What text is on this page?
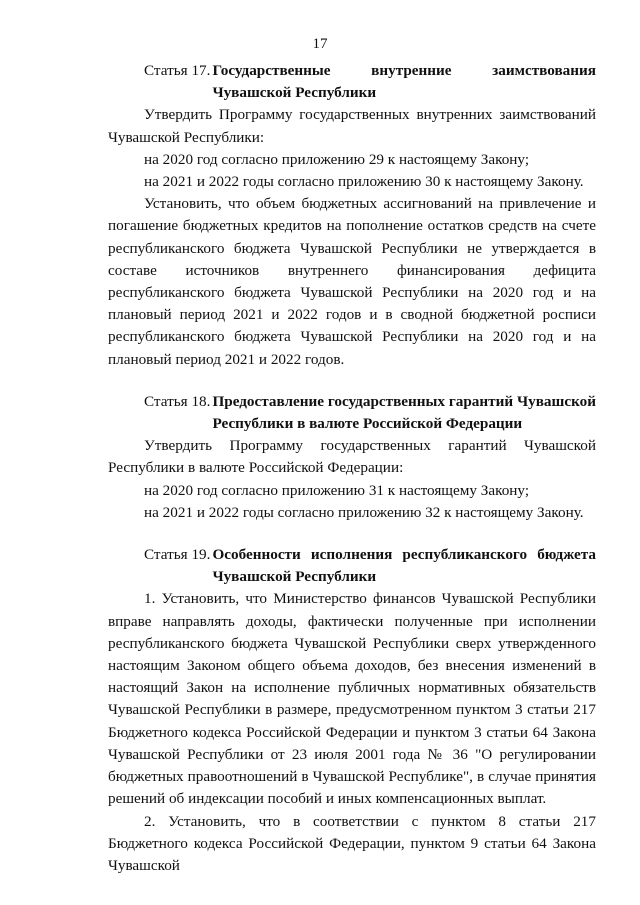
17
Статья 17. Государственные внутренние заимствования Чувашской Республики

Утвердить Программу государственных внутренних заимствований Чувашской Республики:

на 2020 год согласно приложению 29 к настоящему Закону;

на 2021 и 2022 годы согласно приложению 30 к настоящему Закону.

Установить, что объем бюджетных ассигнований на привлечение и погашение бюджетных кредитов на пополнение остатков средств на счете республиканского бюджета Чувашской Республики не утверждается в составе источников внутреннего финансирования дефицита республиканского бюджета Чувашской Республики на 2020 год и на плановый период 2021 и 2022 годов и в сводной бюджетной росписи республиканского бюджета Чувашской Республики на 2020 год и на плановый период 2021 и 2022 годов.

Статья 18. Предоставление государственных гарантий Чувашской Республики в валюте Российской Федерации

Утвердить Программу государственных гарантий Чувашской Республики в валюте Российской Федерации:

на 2020 год согласно приложению 31 к настоящему Закону;

на 2021 и 2022 годы согласно приложению 32 к настоящему Закону.

Статья 19. Особенности исполнения республиканского бюджета Чувашской Республики

1. Установить, что Министерство финансов Чувашской Республики вправе направлять доходы, фактически полученные при исполнении республиканского бюджета Чувашской Республики сверх утвержденного настоящим Законом общего объема доходов, без внесения изменений в настоящий Закон на исполнение публичных нормативных обязательств Чувашской Республики в размере, предусмотренном пунктом 3 статьи 217 Бюджетного кодекса Российской Федерации и пунктом 3 статьи 64 Закона Чувашской Республики от 23 июля 2001 года № 36 "О регулировании бюджетных правоотношений в Чувашской Республике", в случае принятия решений об индексации пособий и иных компенсационных выплат.

2. Установить, что в соответствии с пунктом 8 статьи 217 Бюджетного кодекса Российской Федерации, пунктом 9 статьи 64 Закона Чувашской
